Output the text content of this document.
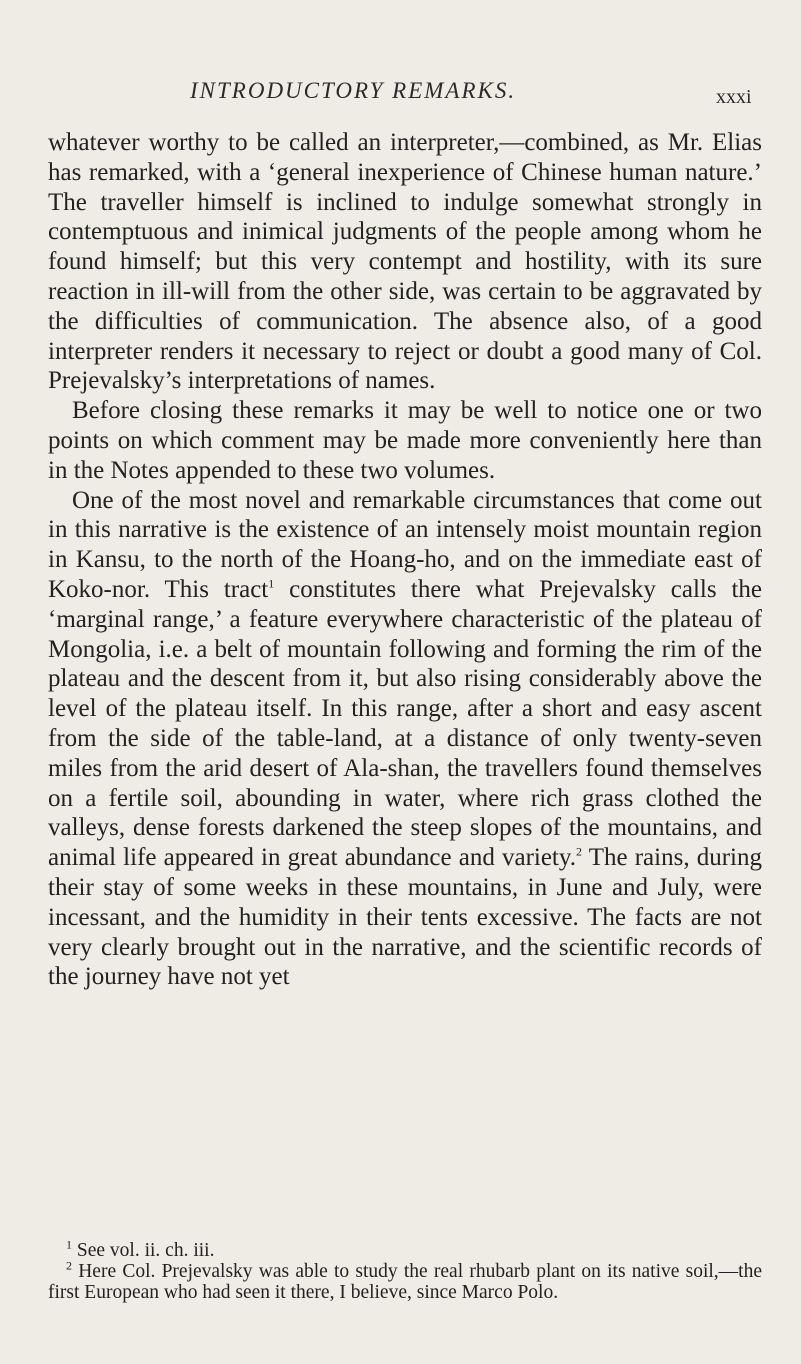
INTRODUCTORY REMARKS.	xxxi

whatever worthy to be called an interpreter,—combined, as Mr. Elias has remarked, with a ‘general inexperience of Chinese human nature.’ The traveller himself is inclined to indulge somewhat strongly in contemptuous and inimical judgments of the people among whom he found himself; but this very contempt and hostility, with its sure reaction in ill-will from the other side, was certain to be aggravated by the difficulties of communication. The absence also, of a good interpreter renders it necessary to reject or doubt a good many of Col. Prejevalsky’s interpretations of names.

Before closing these remarks it may be well to notice one or two points on which comment may be made more conveniently here than in the Notes appended to these two volumes.

One of the most novel and remarkable circumstances that come out in this narrative is the existence of an intensely moist mountain region in Kansu, to the north of the Hoang-ho, and on the immediate east of Koko-nor. This tract$^1$ constitutes there what Prejevalsky calls the ‘marginal range,’ a feature everywhere characteristic of the plateau of Mongolia, i.e. a belt of mountain following and forming the rim of the plateau and the descent from it, but also rising considerably above the level of the plateau itself. In this range, after a short and easy ascent from the side of the table-land, at a distance of only twenty-seven miles from the arid desert of Ala-shan, the travellers found themselves on a fertile soil, abounding in water, where rich grass clothed the valleys, dense forests darkened the steep slopes of the mountains, and animal life appeared in great abundance and variety.$^2$ The rains, during their stay of some weeks in these mountains, in June and July, were incessant, and the humidity in their tents excessive. The facts are not very clearly brought out in the narrative, and the scientific records of the journey have not yet

$^1$ See vol. ii. ch. iii.

$^2$ Here Col. Prejevalsky was able to study the real rhubarb plant on its native soil,—the first European who had seen it there, I believe, since Marco Polo.
